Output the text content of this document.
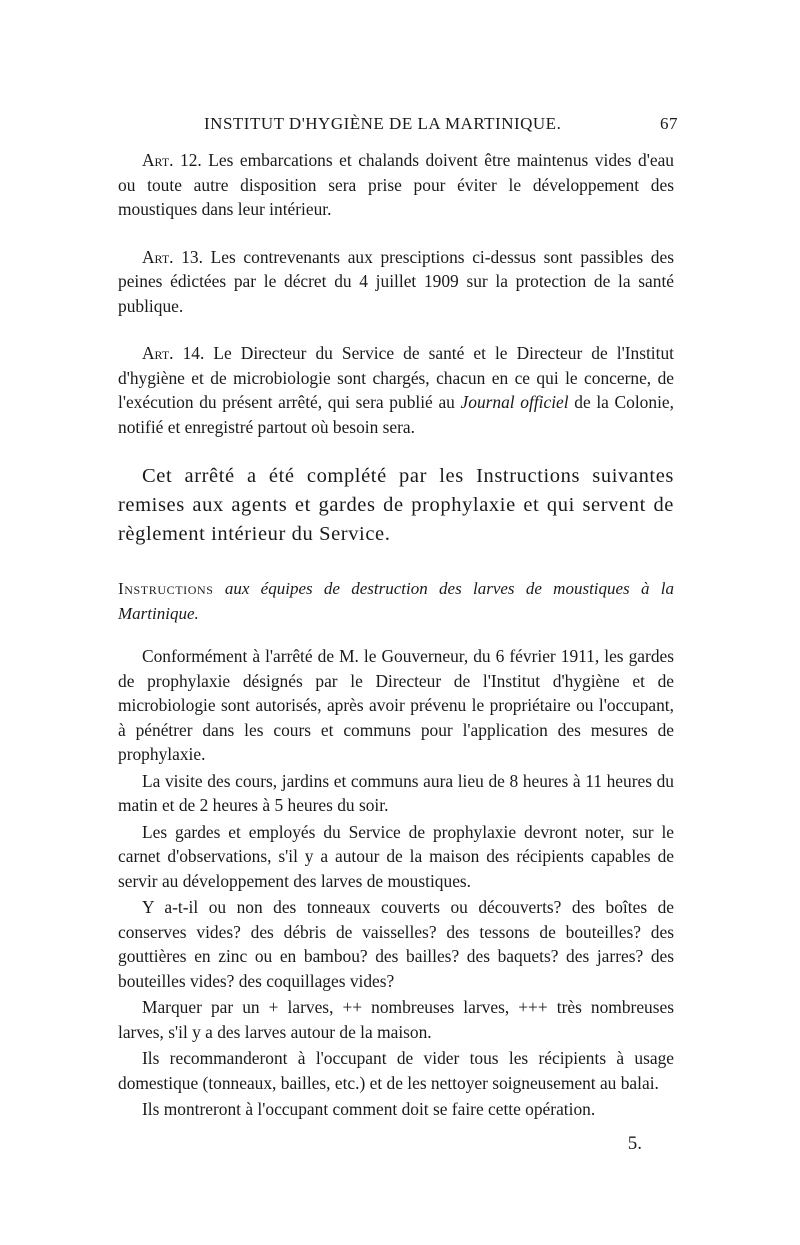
INSTITUT D'HYGIÈNE DE LA MARTINIQUE.	67

Art. 12. Les embarcations et chalands doivent être maintenus vides d'eau ou toute autre disposition sera prise pour éviter le développement des moustiques dans leur intérieur.

Art. 13. Les contrevenants aux presciptions ci-dessus sont passibles des peines édictées par le décret du 4 juillet 1909 sur la protection de la santé publique.

Art. 14. Le Directeur du Service de santé et le Directeur de l'Institut d'hygiène et de microbiologie sont chargés, chacun en ce qui le concerne, de l'exécution du présent arrêté, qui sera publié au Journal officiel de la Colonie, notifié et enregistré partout où besoin sera.

Cet arrêté a été complété par les Instructions suivantes remises aux agents et gardes de prophylaxie et qui servent de règlement intérieur du Service.

Instructions aux équipes de destruction des larves de moustiques à la Martinique.

Conformément à l'arrêté de M. le Gouverneur, du 6 février 1911, les gardes de prophylaxie désignés par le Directeur de l'Institut d'hygiène et de microbiologie sont autorisés, après avoir prévenu le propriétaire ou l'occupant, à pénétrer dans les cours et communs pour l'application des mesures de prophylaxie.

La visite des cours, jardins et communs aura lieu de 8 heures à 11 heures du matin et de 2 heures à 5 heures du soir.

Les gardes et employés du Service de prophylaxie devront noter, sur le carnet d'observations, s'il y a autour de la maison des récipients capables de servir au développement des larves de moustiques.

Y a-t-il ou non des tonneaux couverts ou découverts? des boîtes de conserves vides? des débris de vaisselles? des tessons de bouteilles? des gouttières en zinc ou en bambou? des bailles? des baquets? des jarres? des bouteilles vides? des coquillages vides?

Marquer par un + larves, ++ nombreuses larves, +++ très nombreuses larves, s'il y a des larves autour de la maison.

Ils recommanderont à l'occupant de vider tous les récipients à usage domestique (tonneaux, bailles, etc.) et de les nettoyer soigneusement au balai.

Ils montreront à l'occupant comment doit se faire cette opération.

5.
